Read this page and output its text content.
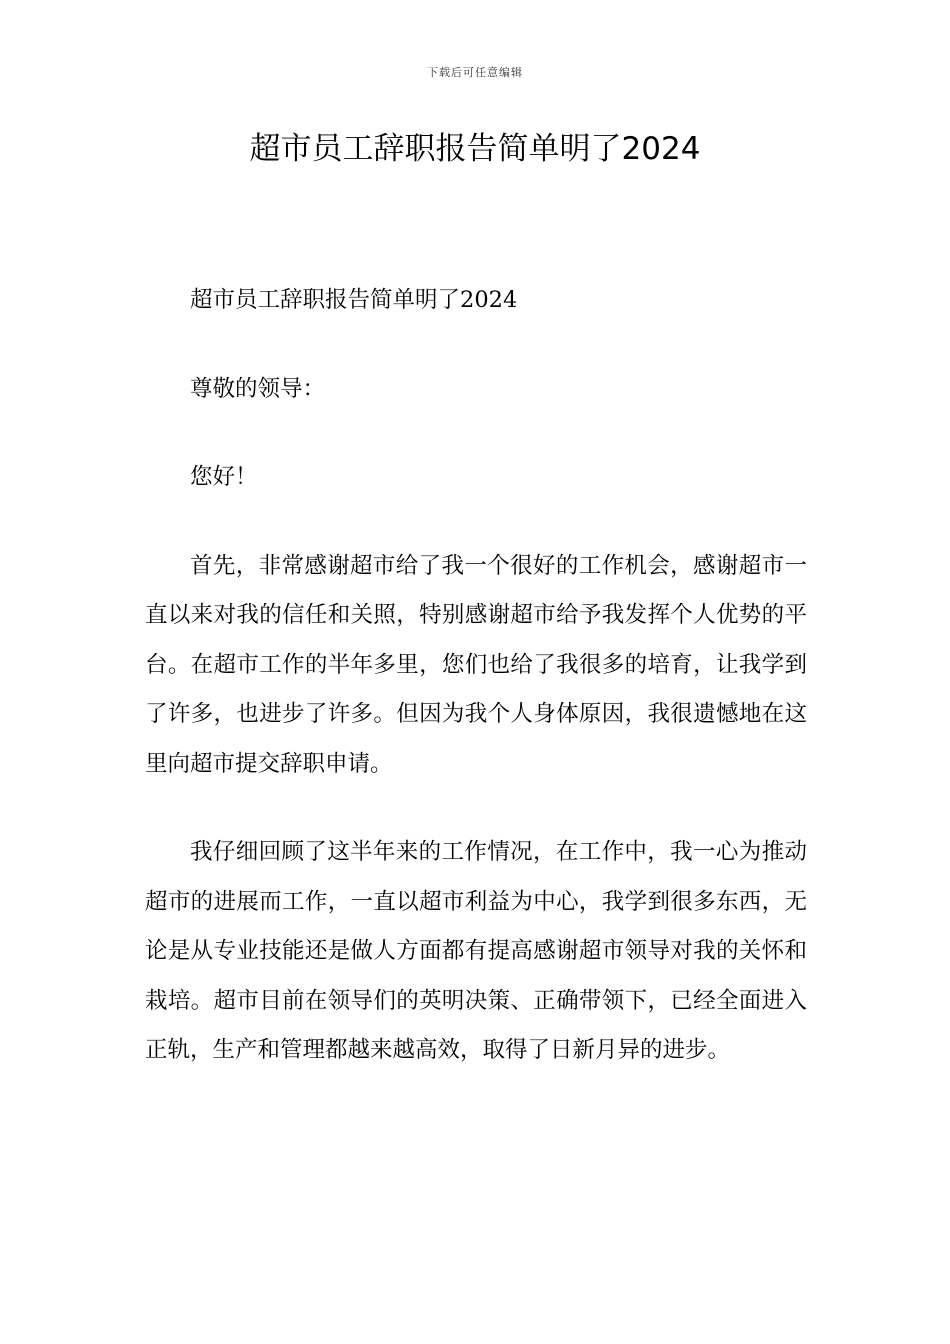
下载后可任意编辑
超市员工辞职报告简单明了2024

超市员工辞职报告简单明了2024

尊敬的领导：

您好！

首先，非常感谢超市给了我一个很好的工作机会，感谢超市一直以来对我的信任和关照，特别感谢超市给予我发挥个人优势的平台。在超市工作的半年多里，您们也给了我很多的培育，让我学到了许多，也进步了许多。但因为我个人身体原因，我很遗憾地在这里向超市提交辞职申请。

我仔细回顾了这半年来的工作情况，在工作中，我一心为推动超市的进展而工作，一直以超市利益为中心，我学到很多东西，无论是从专业技能还是做人方面都有提高感谢超市领导对我的关怀和栽培。超市目前在领导们的英明决策、正确带领下，已经全面进入正轨，生产和管理都越来越高效，取得了日新月异的进步。
